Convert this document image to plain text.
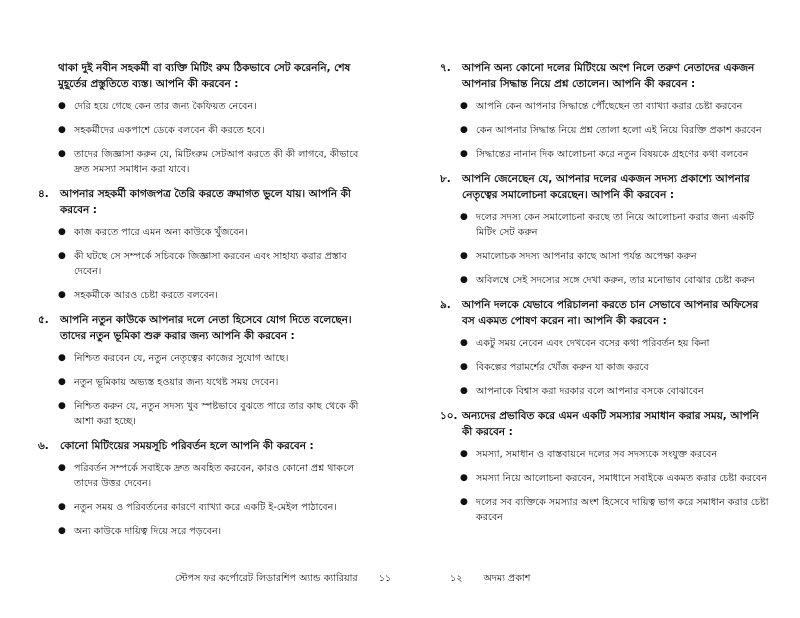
থাকা দুই নবীন সহকর্মী বা ব্যক্তি মিটিং রুম ঠিকভাবে সেট করেননি, শেষ মুহূর্তের প্রস্তুতিতে ব্যস্ত। আপনি কী করবেন :
● দেরি হয়ে গেছে কেন তার জন্য কৈফিয়ত নেবেন।
● সহকর্মীদের একপাশে ডেকে বলবেন কী করতে হবে।
● তাদের জিজ্ঞাসা করুন যে, মিটিংরুম সেটআপ করতে কী কী লাগবে, কীভাবে দ্রুত সমস্যা সমাধান করা যাবে।
৪.	আপনার সহকর্মী কাগজপত্র তৈরি করতে ক্রমাগত ভুলে যায়। আপনি কী করবেন :
● কাজ করতে পারে এমন অন্য কাউকে খুঁজবেন।
● কী ঘটছে সে সম্পর্কে সচিবকে জিজ্ঞাসা করবেন এবং সাহায্য করার প্রস্তাব দেবেন।
● সহকর্মীকে আরও চেষ্টা করতে বলবেন।
৫.	আপনি নতুন কাউকে আপনার দলে নেতা হিসেবে যোগ দিতে বলেছেন। তাদের নতুন ভূমিকা শুরু করার জন্য আপনি কী করবেন :
● নিশ্চিত করবেন যে, নতুন নেতৃত্বের কাজের সুযোগ আছে।
● নতুন ভূমিকায় অভ্যস্ত হওয়ার জন্য যথেষ্ট সময় দেবেন।
● নিশ্চিত করুন যে, নতুন সদস্য খুব স্পষ্টভাবে বুঝতে পারে তার কাছ থেকে কী আশা করা হচ্ছে।
৬.	কোনো মিটিংয়ের সময়সূচি পরিবর্তন হলে আপনি কী করবেন :
● পরিবর্তন সম্পর্কে সবাইকে দ্রুত অবহিত করবেন, কারও কোনো প্রশ্ন থাকলে তাদের উত্তর দেবেন।
● নতুন সময় ও পরিবর্তনের কারণে ব্যাখ্যা করে একটি ই-মেইল পাঠাবেন।
● অন্য কাউকে দায়িত্ব দিয়ে সরে পড়বেন।
স্টেপস ফর কর্পোরেট লিডারশিপ অ্যান্ড ক্যারিয়ার ১১
৭.	আপনি অন্য কোনো দলের মিটিংয়ে অংশ নিলে তরুণ নেতাদের একজন আপনার সিদ্ধান্ত নিয়ে প্রশ্ন তোলেন। আপনি কী করবেন :
● আপনি কেন আপনার সিদ্ধান্তে পৌঁছেছেন তা ব্যাখ্যা করার চেষ্টা করবেন
● কেন আপনার সিদ্ধান্ত নিয়ে প্রশ্ন তোলা হলো এই নিয়ে বিরক্তি প্রকাশ করবেন
● সিদ্ধান্তের নানান দিক আলোচনা করে নতুন বিষয়কে গ্রহণের কথা বলবেন
৮.	আপনি জেনেছেন যে, আপনার দলের একজন সদস্য প্রকাশ্যে আপনার নেতৃত্বের সমালোচনা করেছেন। আপনি কী করবেন :
● দলের সদস্য কেন সমালোচনা করছে তা নিয়ে আলোচনা করার জন্য একটি মিটিং সেট করুন
● সমালোচক সদস্য আপনার কাছে আসা পর্যন্ত অপেক্ষা করুন
● অবিলম্বে সেই সদস্যের সঙ্গে দেখা করুন, তার মনোভাব বোঝার চেষ্টা করুন
৯.	আপনি দলকে যেভাবে পরিচালনা করতে চান সেভাবে আপনার অফিসের বস একমত পোষণ করেন না। আপনি কী করবেন :
● একটু সময় নেবেন এবং দেখবেন বসের কথা পরিবর্তন হয় কিনা
● বিকল্পের পরামর্শের খোঁজ করুন যা কাজ করবে
● আপনাকে বিশ্বাস করা দরকার বলে আপনার বসকে বোঝাবেন
১০. অন্যদের প্রভাবিত করে এমন একটি সমস্যার সমাধান করার সময়, আপনি কী করবেন :
● সমস্যা, সমাধান ও বাস্তবায়নে দলের সব সদস্যকে সংযুক্ত করবেন
● সমস্যা নিয়ে আলোচনা করবেন, সমাধানে সবাইকে একমত করার চেষ্টা করবেন
● দলের সব ব্যক্তিকে সমস্যার অংশ হিসেবে দায়িত্ব ভাগ করে সমাধান করার চেষ্টা করবেন
১২ অদম্য প্রকাশ
